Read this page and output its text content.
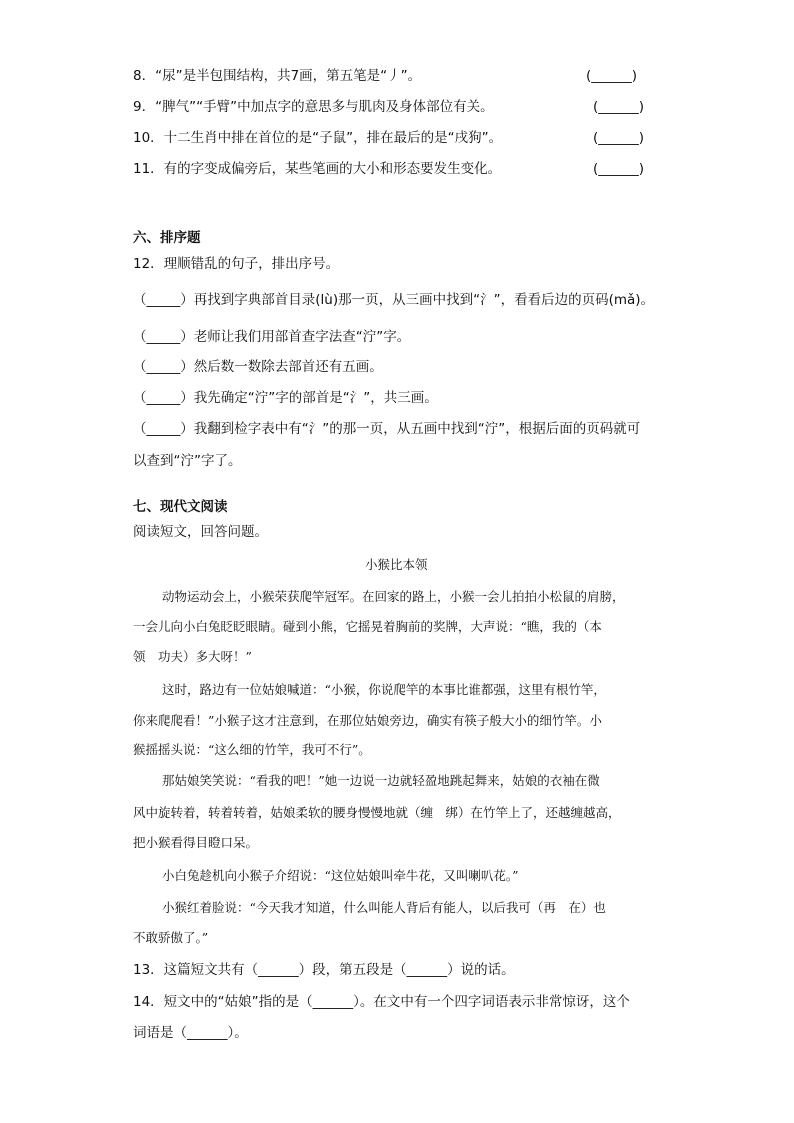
8．“尿”是半包围结构，共7画，第五笔是“丿”。	(______)
9．“脾气”“手臂”中加点字的意思多与肌肉及身体部位有关。	(______)
10．十二生肖中排在首位的是“子鼠”，排在最后的是“戌狗”。	(______)
11．有的字变成偏旁后，某些笔画的大小和形态要发生变化。	(______)
六、排序题
12．理顺错乱的句子，排出序号。
（_____）再找到字典部首目录(lù)那一页，从三画中找到“氵”，看看后边的页码(mǎ)。
（_____）老师让我们用部首查字法查“泞”字。
（_____）然后数一数除去部首还有五画。
（_____）我先确定“泞”字的部首是“氵”，共三画。
（_____）我翻到检字表中有“氵”的那一页，从五画中找到“泞”，根据后面的页码就可
以查到“泞”字了。
七、现代文阅读
阅读短文，回答问题。
小猴比本领
动物运动会上，小猴荣获爬竿冠军。在回家的路上，小猴一会儿拍拍小松鼠的肩膀，
一会儿向小白兔眨眨眼睛。碰到小熊，它摇晃着胸前的奖牌，大声说：“瞧，我的（本
领　功夫）多大呀！”
这时，路边有一位姑娘喊道：“小猴，你说爬竿的本事比谁都强，这里有根竹竿，
你来爬爬看！”小猴子这才注意到，在那位姑娘旁边，确实有筷子般大小的细竹竿。小
猴摇摇头说：“这么细的竹竿，我可不行”。
那姑娘笑笑说：“看我的吧！”她一边说一边就轻盈地跳起舞来，姑娘的衣袖在微
风中旋转着，转着转着，姑娘柔软的腰身慢慢地就（缠　绑）在竹竿上了，还越缠越高，
把小猴看得目瞪口呆。
小白兔趁机向小猴子介绍说：“这位姑娘叫牵牛花，又叫喇叭花。”
小猴红着脸说：“今天我才知道，什么叫能人背后有能人，以后我可（再　在）也
不敢骄傲了。”
13．这篇短文共有（______）段，第五段是（______）说的话。
14．短文中的“姑娘”指的是（______）。在文中有一个四字词语表示非常惊讶，这个
词语是（______）。
